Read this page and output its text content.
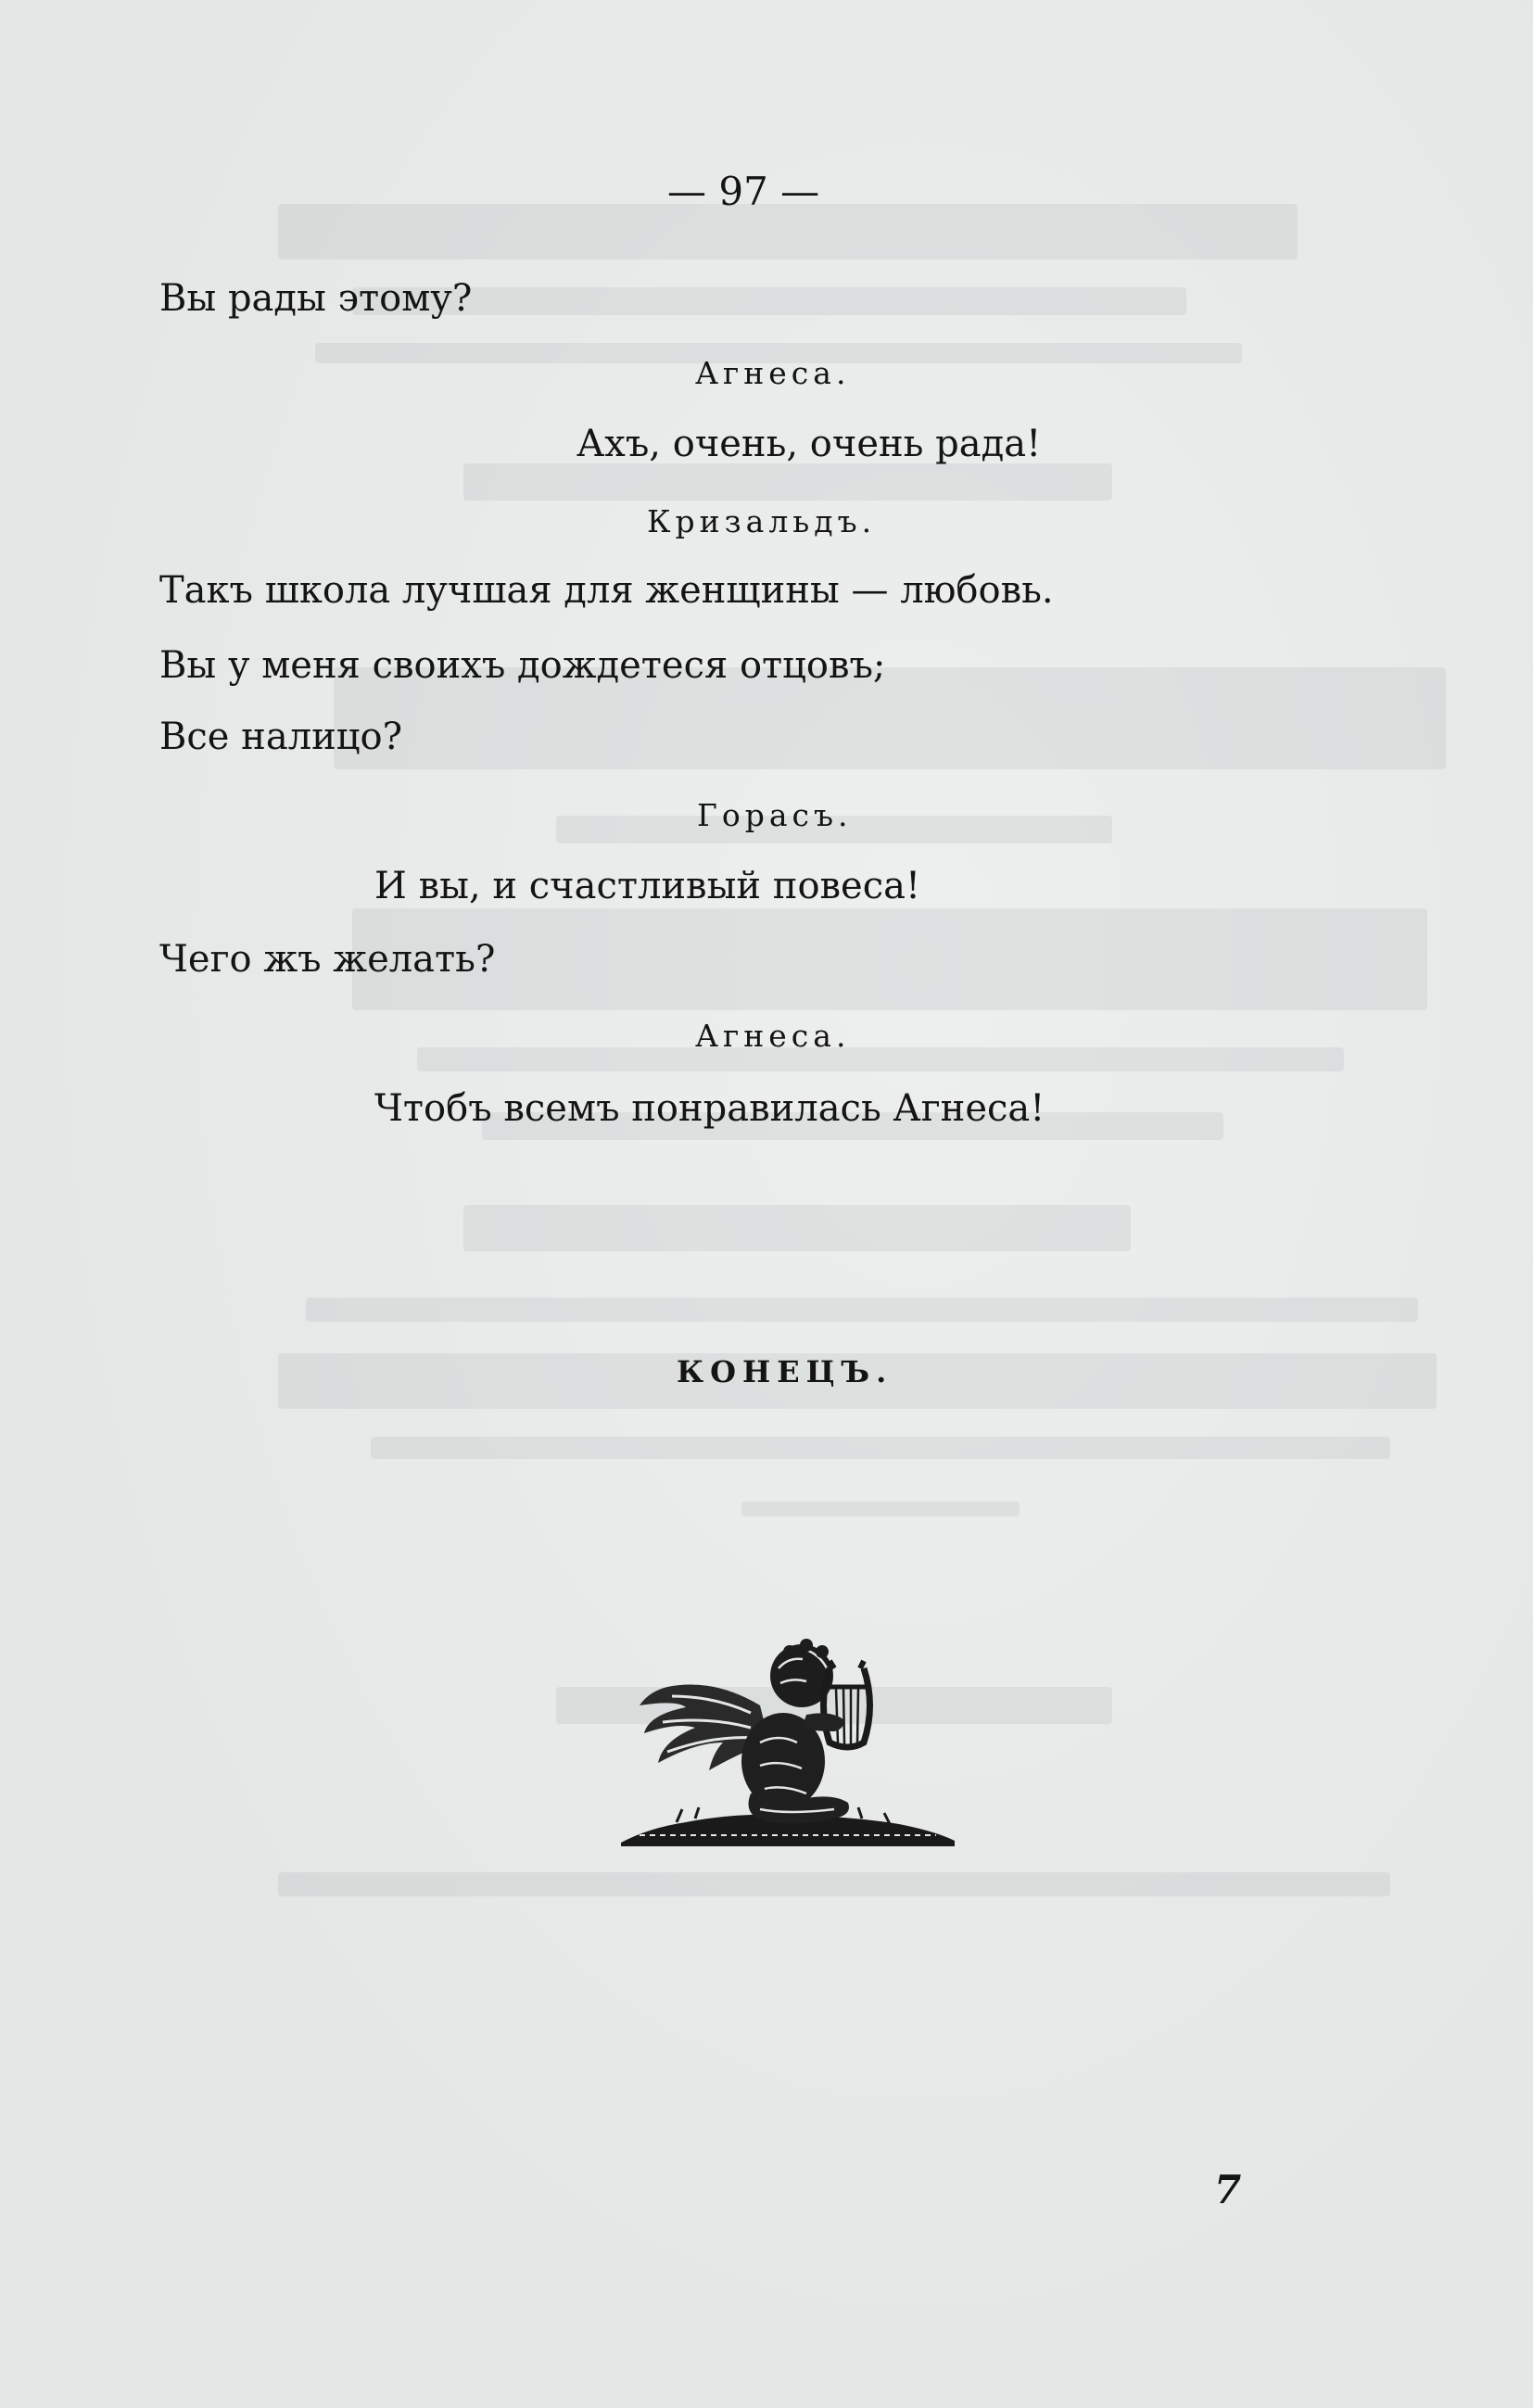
— 97 —
Вы рады этому?
Агнеса.
Ахъ, очень, очень рада!
Кризальдъ.
Такъ школа лучшая для женщины — любовь.
Вы у меня своихъ дождетеся отцовъ;
Все налицо?
Горасъ.
И вы, и счастливый повеса!
Чего жъ желать?
Агнеса.
Чтобъ всемъ понравилась Агнеса!
КОНЕЦЪ.
7
